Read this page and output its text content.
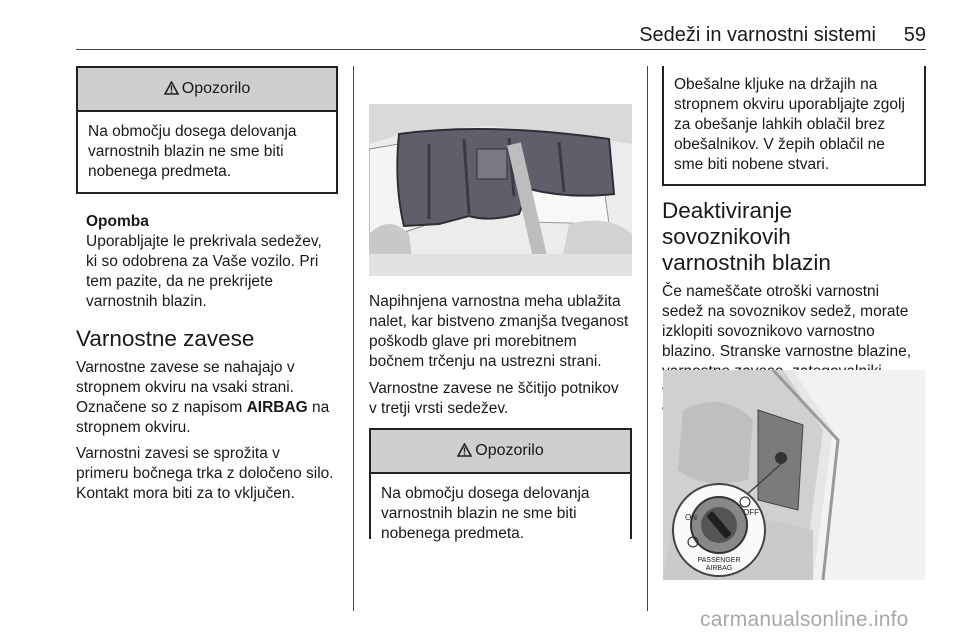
Sedeži in varnostni sistemi	59
Opozorilo
Na območju dosega delovanja
varnostnih blazin ne sme biti
nobenega predmeta.
Opomba

Uporabljajte le prekrivala sedežev,

ki so odobrena za Vaše vozilo. Pri

tem pazite, da ne prekrijete

varnostnih blazin.

Varnostne zavese

Varnostne zavese se nahajajo v

stropnem okviru na vsaki strani.

Označene so z napisom AIRBAG na

stropnem okviru.

Varnostni zavesi se sprožita v

primeru bočnega trka z določeno silo.

Kontakt mora biti za to vključen.

Napihnjena varnostna meha ublažita
nalet, kar bistveno zmanjša tveganost
poškodb glave pri morebitnem
bočnem trčenju na ustrezni strani.

Varnostne zavese ne ščitijo potnikov

v tretji vrsti sedežev.

Opozorilo
Na območju dosega delovanja
varnostnih blazin ne sme biti
nobenega predmeta.
Obešalne kljuke na držajih na
stropnem okviru uporabljajte zgolj
za obešanje lahkih oblačil brez
obešalnikov. V žepih oblačil ne
sme biti nobene stvari.
Deaktiviranje sovoznikovih
varnostnih blazin

Če nameščate otroški varnostni

sedež na sovoznikov sedež, morate

izklopiti sovoznikovo varnostno

blazino. Stranske varnostne blazine,

ON
OFF
PASSENGER
AIRBAG
carmanualsonline.info
